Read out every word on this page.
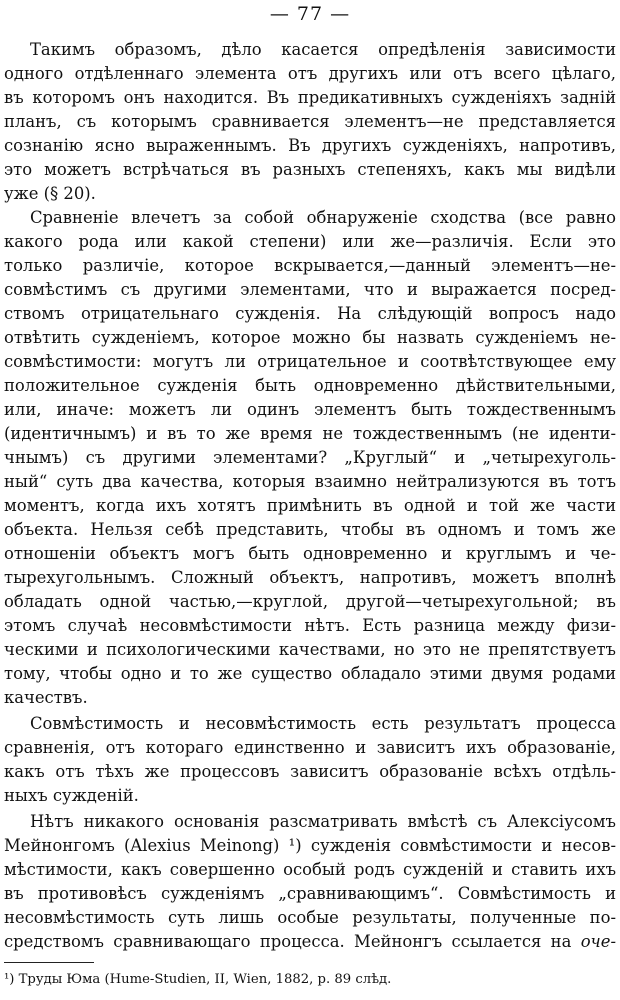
— 77 —
Такимъ образомъ, дѣло касается опредѣленія зависимости
одного отдѣленнаго элемента отъ другихъ или отъ всего цѣлаго,
въ которомъ онъ находится. Въ предикативныхъ сужденіяхъ задній
планъ, съ которымъ сравнивается элементъ—не представляется
сознанію ясно выраженнымъ. Въ другихъ сужденіяхъ, напротивъ,
это можетъ встрѣчаться въ разныхъ степеняхъ, какъ мы видѣли
уже (§ 20).
Сравненіе влечетъ за собой обнаруженіе сходства (все равно
какого рода или какой степени) или же—различія. Если это
только различіе, которое вскрывается,—данный элементъ—не-
совмѣстимъ съ другими элементами, что и выражается посред-
ствомъ отрицательнаго сужденія. На слѣдующій вопросъ надо
отвѣтить сужденіемъ, которое можно бы назвать сужденіемъ не-
совмѣстимости: могутъ ли отрицательное и соотвѣтствующее ему
положительное сужденія быть одновременно дѣйствительными,
или, иначе: можетъ ли одинъ элементъ быть тождественнымъ
(идентичнымъ) и въ то же время не тождественнымъ (не иденти-
чнымъ) съ другими элементами? „Круглый“ и „четырехуголь-
ный“ суть два качества, которыя взаимно нейтрализуются въ тотъ
моментъ, когда ихъ хотятъ примѣнить въ одной и той же части
объекта. Нельзя себѣ представить, чтобы въ одномъ и томъ же
отношеніи объектъ могъ быть одновременно и круглымъ и че-
тырехугольнымъ. Сложный объектъ, напротивъ, можетъ вполнѣ
обладать одной частью,—круглой, другой—четырехугольной; въ
этомъ случаѣ несовмѣстимости нѣтъ. Есть разница между физи-
ческими и психологическими качествами, но это не препятствуетъ
тому, чтобы одно и то же существо обладало этими двумя родами
качествъ.
Совмѣстимость и несовмѣстимость есть результатъ процесса
сравненія, отъ котораго единственно и зависитъ ихъ образованіе,
какъ отъ тѣхъ же процессовъ зависитъ образованіе всѣхъ отдѣль-
ныхъ сужденій.
Нѣтъ никакого основанія разсматривать вмѣстѣ съ Алексіусомъ
Мейнонгомъ (Alexius Meinong) ¹) сужденія совмѣстимости и несов-
мѣстимости, какъ совершенно особый родъ сужденій и ставить ихъ
въ противовѣсъ сужденіямъ „сравнивающимъ“. Совмѣстимость и
несовмѣстимость суть лишь особые результаты, полученные по-
средствомъ сравнивающаго процесса. Мейнонгъ ссылается на оче-
¹) Труды Юма (Hume-Studien, II, Wien, 1882, p. 89 слѣд.
